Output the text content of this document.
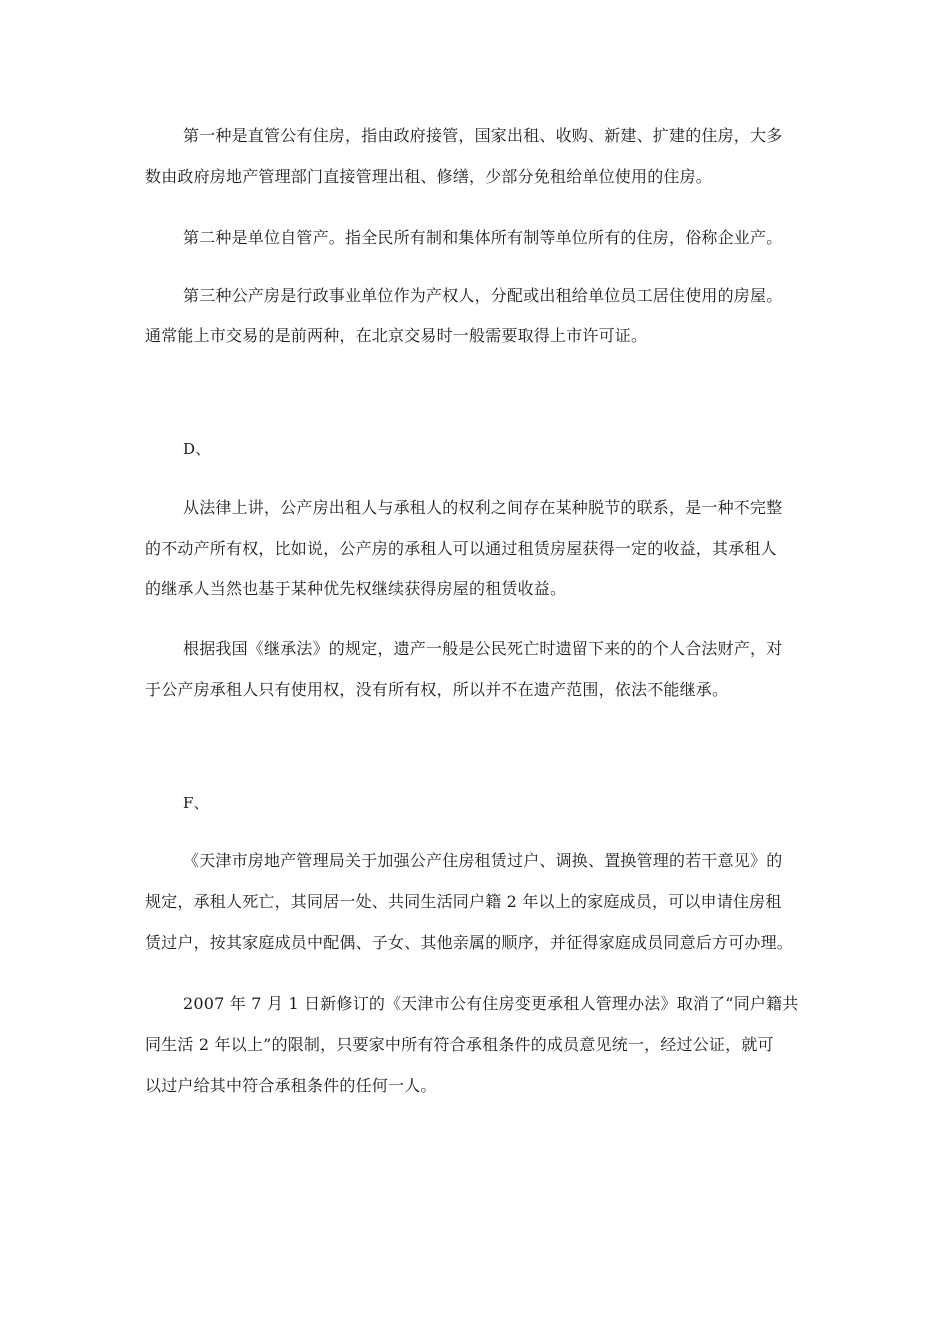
第一种是直管公有住房，指由政府接管，国家出租、收购、新建、扩建的住房，大多
数由政府房地产管理部门直接管理出租、修缮，少部分免租给单位使用的住房。
第二种是单位自管产。指全民所有制和集体所有制等单位所有的住房，俗称企业产。
第三种公产房是行政事业单位作为产权人，分配或出租给单位员工居住使用的房屋。
通常能上市交易的是前两种，在北京交易时一般需要取得上市许可证。
D、
从法律上讲，公产房出租人与承租人的权利之间存在某种脱节的联系，是一种不完整
的不动产所有权，比如说，公产房的承租人可以通过租赁房屋获得一定的收益，其承租人
的继承人当然也基于某种优先权继续获得房屋的租赁收益。
根据我国《继承法》的规定，遗产一般是公民死亡时遗留下来的的个人合法财产，对
于公产房承租人只有使用权，没有所有权，所以并不在遗产范围，依法不能继承。
F、
《天津市房地产管理局关于加强公产住房租赁过户、调换、置换管理的若干意见》的
规定，承租人死亡，其同居一处、共同生活同户籍 2 年以上的家庭成员，可以申请住房租
赁过户，按其家庭成员中配偶、子女、其他亲属的顺序，并征得家庭成员同意后方可办理。
2007 年 7 月 1 日新修订的《天津市公有住房变更承租人管理办法》取消了“同户籍共
同生活 2 年以上”的限制，只要家中所有符合承租条件的成员意见统一，经过公证，就可
以过户给其中符合承租条件的任何一人。
